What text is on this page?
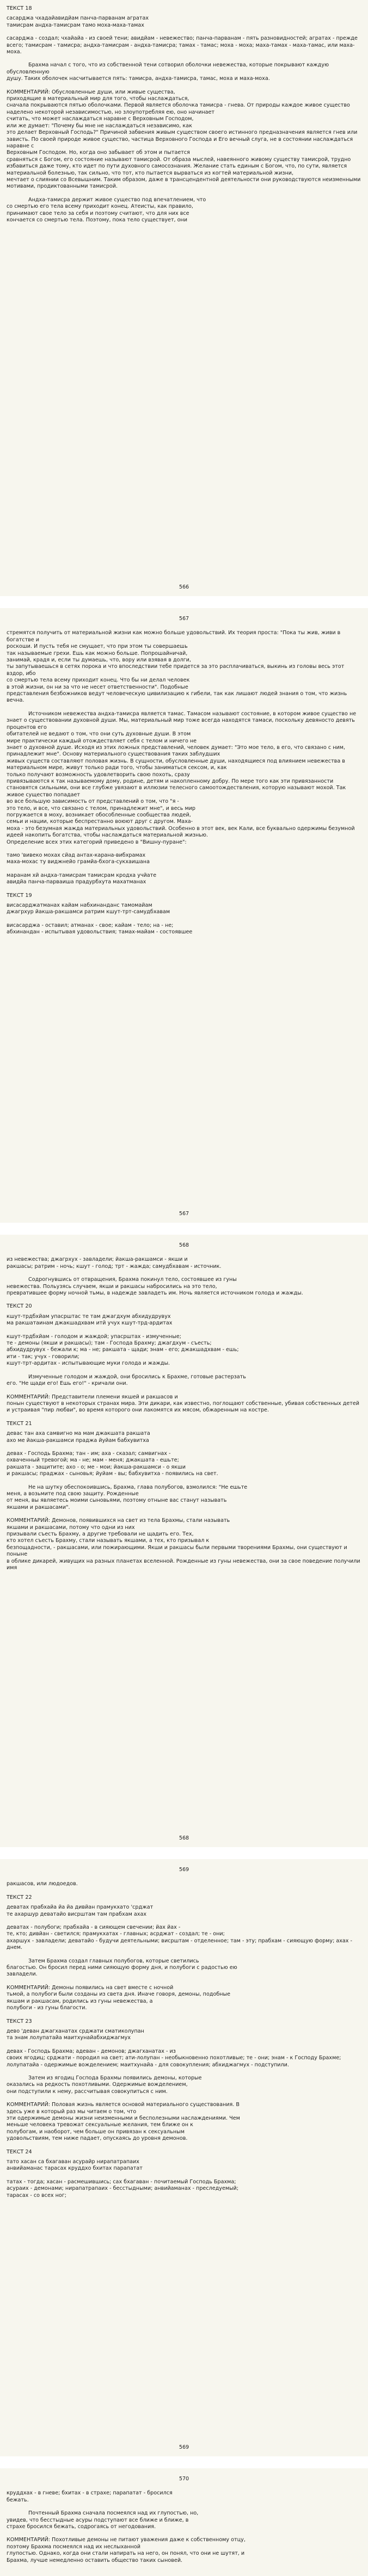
ТЕКСТ 18
сасарджа чхадайавидйам панча-парванам агратах
тамисрам андха-тамисрам тамо моха-маха-тамах
сасарджа - создал; чхайайа - из своей тени; авидйам - невежество; панча-парванам - пять разновидностей; агратах - прежде
всего; тамисрам - тамисра; андха-тамисрам - андха-тамисра; тамах - тамас; моха - моха; маха-тамах - маха-тамас, или маха-
моха.
Брахма начал с того, что из собственной тени сотворил оболочки невежества, которые покрывают каждую обусловленную
душу. Таких оболочек насчитывается пять: тамисра, андха-тамисра, тамас, моха и маха-моха.
КОММЕНТАРИЙ: Обусловленные души, или живые существа,
приходящие в материальный мир для того, чтобы наслаждаться,
сначала покрываются пятью оболочками. Первой является оболочка тамисра - гнева. От природы каждое живое существо наделено некоторой независимостью, но злоупотребляя ею, оно начинает
считать, что может наслаждаться наравне с Верховным Господом,
или же думает: "Почему бы мне не наслаждаться независимо, как
это делает Верховный Господь?" Причиной забвения живым существом своего истинного предназначения является гнев или зависть. По своей природе живое существо, частица Верховного Господа и Его вечный слуга, не в состоянии наслаждаться наравне с
Верховным Господом. Но, когда оно забывает об этом и пытается
сравняться с Богом, его состояние называют тамисрой. От образа мыслей, навеянного живому существу тамисрой, трудно избавиться даже тому, кто идет по пути духовного самосознания. Желание стать единым с Богом, что, по сути, является
материальной болезнью, так сильно, что тот, кто пытается вырваться из когтей материальной жизни,
мечтает о слиянии со Всевышним. Таким образом, даже в трансцендентной деятельности они руководствуются неизменными мотивами, продиктованными тамисрой.
Андха-тамисра держит живое существо под впечатлением, что
со смертью его тела всему приходит конец. Атеисты, как правило,
принимают свое тело за себя и поэтому считают, что для них все
кончается со смертью тела. Поэтому, пока тело существует, они
566
567
стремятся получить от материальной жизни как можно больше удовольствий. Их теория проста: "Пока ты жив, живи в богатстве и
роскоши. И пусть тебя не смущает, что при этом ты совершаешь
так называемые грехи. Ешь как можно больше. Попрошайничай,
занимай, крадя и, если ты думаешь, что, вору или взявая в долги,
ты запутываешься в сетях порока и что впоследствии тебе придется за это расплачиваться, выкинь из головы весь этот вздор, ибо
со смертью тела всему приходит конец. Что бы ни делал человек
в этой жизни, он ни за что не несет ответственности". Подобные
представления безбожников ведут человеческую цивилизацию к гибели, так как лишают людей знания о том, что жизнь вечна.
Источником невежества андха-тамисра является тамас. Тамасом называют состояние, в котором живое существо не знает о существовании духовной души. Мы, материальный мир тоже всегда находятся тамаси, поскольку девяносто девять процентов его
обитателей не ведают о том, что они суть духовные души. В этом
мире практически каждый отождествляет себя с телом и ничего не
знает о духовной душе. Исходя из этих ложных представлений, человек думает: "Это мое тело, в его, что связано с ним, принадлежит мне". Основу материального существования таких заблудших
живых существ составляют половая жизнь. В сущности, обусловленные души, находящиеся под влиянием невежества в материальном мире, живут только ради того, чтобы заниматься сексом, и, как
только получают возможность удовлетворить свою похоть, сразу
привязываются к так называемому дому, родине, детям и накопленному добру. По мере того как эти привязанности становятся сильными, они все глубже увязают в иллюзии телесного самоотождествления, которую называют мохой. Так живое существо попадает
во все большую зависимость от представлений о том, что "я -
это тело, и все, что связано с телом, принадлежит мне", и весь мир
погружается в моху, возникает обособленные сообщества людей,
семьи и нации, которые беспрестанно воюют друг с другом. Маха-
моха - это безумная жажда материальных удовольствий. Особенно в этот век, век Кали, все буквально одержимы безумной идеей накопить богатства, чтобы наслаждаться материальной жизнью.
Определение всех этих категорий приведено в "Вишну-пуране":
тамо 'вивеко мохах сйад антах-карана-вибхрамах
маха-мохас ту виджнейо грамйа-бхога-сукхаишана
маранам хй андха-тамисрам тамисрам кродха учйате
авидйа панча-парваиша прадурбхута махатманах
ТЕКСТ 19
висасарджатманах кайам набхинанданс тамомайам
джагрхур йакша-ракшамси ратрим кшут-трт-самудбхавам
висасарджа - оставил; атманах - свое; кайам - тело; на - не;
абхинандан - испытывая удовольствия; тамах-майам - состоявшее
567
568
из невежества; джагрхух - завладели; йакша-ракшамси - якши и
ракшасы; ратрим - ночь; кшут - голод; трт - жажда; самудбхавам - источник.
Содрогнувшись от отвращения, Брахма покинул тело, состоявшее из гуны
невежества. Польузясь случаем, якши и ракшасы набросились на это тело,
превратившее форму ночной тьмы, в надежде завладеть им. Ночь является источником голода и жажды.
ТЕКСТ 20
кшут-трдбхйам упасрштас те там джагдхум абхидудрувух
ма ракшатаинам джакшадхвам итй учух кшут-трд-ардитах
кшут-трдбхйам - голодом и жаждой; упасрштах - измученные;
те - демоны (якши и ракшасы); там - Господа Брахму; джагдхум - съесть;
абхидудрувух - бежали к; ма - не; ракшата - щади; энам - его; джакшадхвам - ешь;
ити - так; учух - говорили;
кшут-трт-ардитах - испытывающие муки голода и жажды.
Измученные голодом и жаждой, они бросились к Брахме, готовые растерзать
его. "Не щади его! Ешь его!" - кричали они.
КОММЕНТАРИЙ: Представители племени якшей и ракшасов и
понын существуют в некоторых странах мира. Эти дикари, как известно, поглощают собственные, убивая собственных детей и устраивая "пир любви", во время которого они лакомятся их мясом, обжаренным на костре.
ТЕКСТ 21
девас тан аха самвигно ма мам джакшата ракшата
ахо ме йакша-ракшамси праджа йуйам бабхувитха
девах - Господь Брахма; тан - им; аха - сказал; самвигнах -
охваченный тревогой; ма - не; мам - меня; джакшата - ешьте;
ракшата - защитите; ахо - о; ме - мои; йакша-ракшамси - о якши
и ракшасы; праджах - сыновья; йуйам - вы; бабхувитха - появились на свет.
Не на шутку обеспокоившись, Брахма, глава полубогов, взмолился: "Не ешьте
меня, а возьмите под свою защиту. Рожденные
от меня, вы являетесь моими сыновьями, поэтому отныне вас станут называть
якшами и ракшасами".
КОММЕНТАРИЙ: Демонов, появившихся на свет из тела Брахмы, стали называть
якшами и ракшасами, потому что одни из них
призывали съесть Брахму, а другие требовали не щадить его. Тех,
кто хотел съесть Брахму, стали называть якшами, а тех, кто призывал к
безпощадности, - ракшасами, или пожирающими. Якши и ракшасы были первыми творениями Брахмы, они существуют и поныне
в облике дикарей, живущих на разных планетах вселенной. Рожденные из гуны невежества, они за свое поведение получили имя
568
569
ракшасов, или людоедов.
ТЕКСТ 22
деватах прабхайа йа йа дивйан прамукхато 'срджат
те ахаршур деватайо висрштам там прабхам ахах
деватах - полубоги; прабхайа - в сияющем свечении; йах йах -
те, кто; дивйан - светился; прамукхатах - главных; асрджат - создал; те - они;
ахаршух - завладели; деватайо - будучи деятельными; висрштам - отделенное; там - эту; прабхам - сияющую форму; ахах - днем.
Затем Брахма создал главных полубогов, которые светились
благостью. Он бросил перед ними сияющую форму дня, и полубоги с радостью ею
завладели.
КОММЕНТАРИЙ: Демоны появились на свет вместе с ночной
тьмой, а полубоги были созданы из света дня. Иначе говоря, демоны, подобные
якшам и ракшасам, родились из гуны невежества, а
полубоги - из гуны благости.
ТЕКСТ 23
девo 'деван джагханатах срджати сматиколупан
та энам лолупатайа маитхунайабхиджагмух
девах - Господь Брахма; адеван - демонов; джагханатах - из
своих ягодиц; срджати - породил на свет; ати-лолупан - необыкновенно похотливые; те - они; энам - к Господу Брахме; лолупатайа - одержимые вожделением; маитхунайа - для совокупления; абхиджагмух - подступили.
Затем из ягодиц Господа Брахмы появились демоны, которые
оказались на редкость похотливыми. Одержимые вожделением,
они подступили к нему, рассчитывая совокупиться с ним.
КОММЕНТАРИЙ: Половая жизнь является основой материального существования. В
эдесь уже в который раз мы читаем о том, что
эти одержимые демоны жизни неизменными и бесполезными наслаждениями. Чем
меньше человека тревожат сексуальные желания, тем ближе он к
полубогам, и наоборот, чем больше он привязан к сексуальным
удовольствиям, тем ниже падает, опускаясь до уровня демонов.
ТЕКСТ 24
тато хасан са бхагаван асурайр нирапатрапаих
анвийаманас тарасах круддхо бхитах парапатат
татах - тогда; хасан - расмешившись; сах бхагаван - почитаемый Господь Брахма;
асураих - демонами; нирапатрапаих - бесстыдными; анвийаманах - преследуемый;
тарасах - со всех ног;
569
570
круддхах - в гневе; бхитах - в страхе; парапатат - бросился
бежать.
Почтенный Брахма сначала посмеялся над их глупостью, но,
увидев, что бесстыдные асуры подступают все ближе и ближе, в
страхе бросился бежать, содрогаясь от негодования.
КОММЕНТАРИЙ: Похотливые демоны не питают уважения даже к собственному отцу,
поэтому Брахма посмеялся над их неслыханной
глупостью. Однако, когда они стали напирать на него, он понял, что они не шутят, и
Брахма, лучше немедленно оставить общество таких сыновей.
